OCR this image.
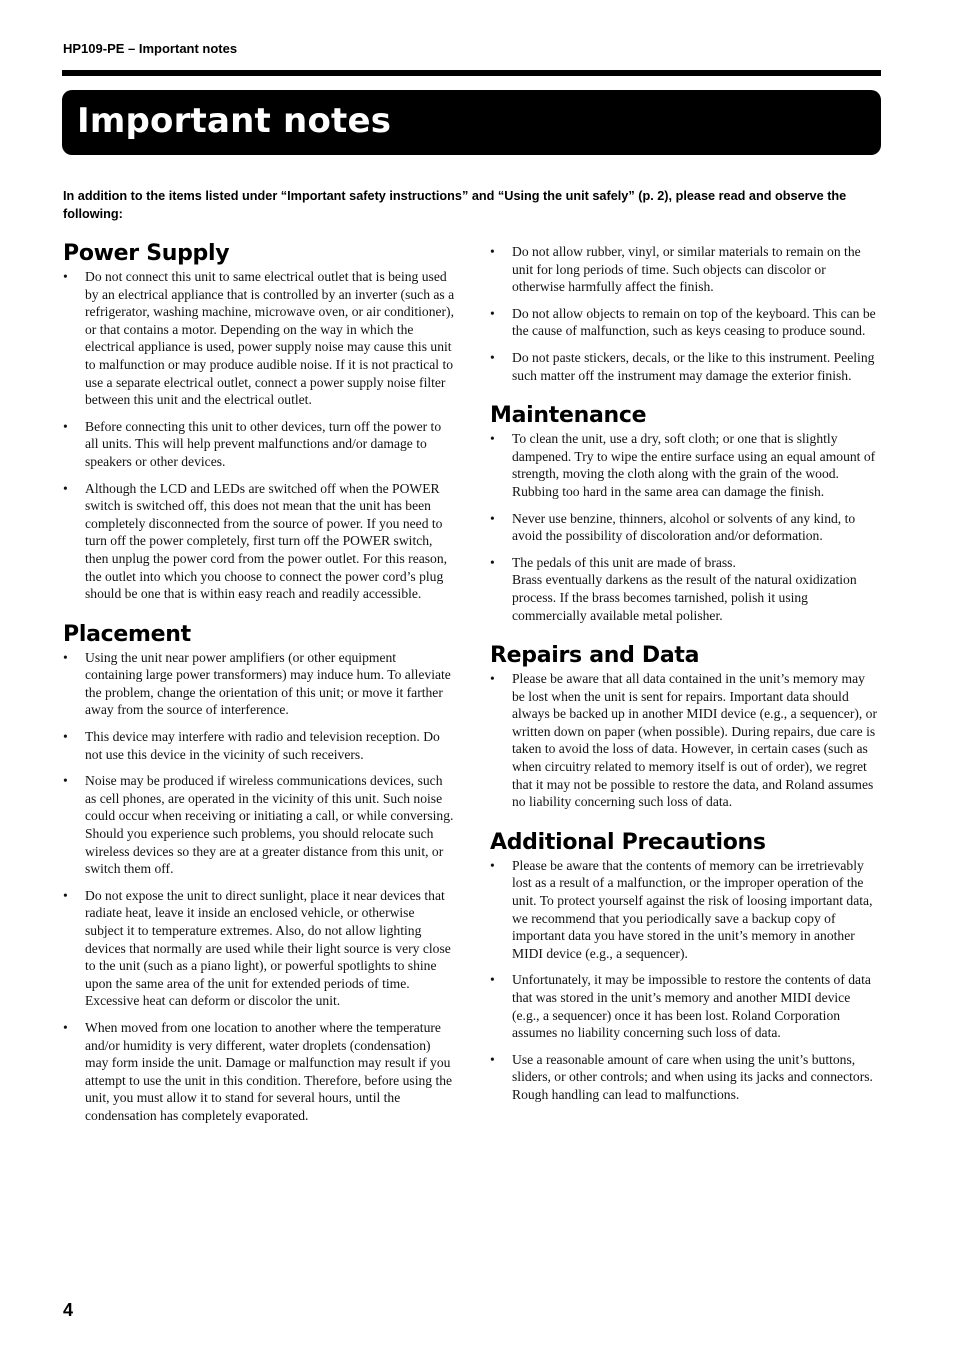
HP109-PE – Important notes
Important notes
In addition to the items listed under “Important safety instructions” and “Using the unit safely” (p. 2), please read and observe the following:
Power Supply
• Do not connect this unit to same electrical outlet that is being used by an electrical appliance that is controlled by an inverter (such as a refrigerator, washing machine, microwave oven, or air conditioner), or that contains a motor. Depending on the way in which the electrical appliance is used, power supply noise may cause this unit to malfunction or may produce audible noise. If it is not practical to use a separate electrical outlet, connect a power supply noise filter between this unit and the electrical outlet.

• Before connecting this unit to other devices, turn off the power to all units. This will help prevent malfunctions and/or damage to speakers or other devices.

• Although the LCD and LEDs are switched off when the POWER switch is switched off, this does not mean that the unit has been completely disconnected from the source of power. If you need to turn off the power completely, first turn off the POWER switch, then unplug the power cord from the power outlet. For this reason, the outlet into which you choose to connect the power cord’s plug should be one that is within easy reach and readily accessible.

Placement
• Using the unit near power amplifiers (or other equipment containing large power transformers) may induce hum. To alleviate the problem, change the orientation of this unit; or move it farther away from the source of interference.

• This device may interfere with radio and television reception. Do not use this device in the vicinity of such receivers.

• Noise may be produced if wireless communications devices, such as cell phones, are operated in the vicinity of this unit. Such noise could occur when receiving or initiating a call, or while conversing. Should you experience such problems, you should relocate such wireless devices so they are at a greater distance from this unit, or switch them off.

• Do not expose the unit to direct sunlight, place it near devices that radiate heat, leave it inside an enclosed vehicle, or otherwise subject it to temperature extremes. Also, do not allow lighting devices that normally are used while their light source is very close to the unit (such as a piano light), or powerful spotlights to shine upon the same area of the unit for extended periods of time. Excessive heat can deform or discolor the unit.

• When moved from one location to another where the temperature and/or humidity is very different, water droplets (condensation) may form inside the unit. Damage or malfunction may result if you attempt to use the unit in this condition. Therefore, before using the unit, you must allow it to stand for several hours, until the condensation has completely evaporated.

• Do not allow rubber, vinyl, or similar materials to remain on the unit for long periods of time. Such objects can discolor or otherwise harmfully affect the finish.

• Do not allow objects to remain on top of the keyboard. This can be the cause of malfunction, such as keys ceasing to produce sound.

• Do not paste stickers, decals, or the like to this instrument. Peeling such matter off the instrument may damage the exterior finish.

Maintenance
• To clean the unit, use a dry, soft cloth; or one that is slightly dampened. Try to wipe the entire surface using an equal amount of strength, moving the cloth along with the grain of the wood. Rubbing too hard in the same area can damage the finish.

• Never use benzine, thinners, alcohol or solvents of any kind, to avoid the possibility of discoloration and/or deformation.

• The pedals of this unit are made of brass.

Brass eventually darkens as the result of the natural oxidization process. If the brass becomes tarnished, polish it using commercially available metal polisher.

Repairs and Data
• Please be aware that all data contained in the unit’s memory may be lost when the unit is sent for repairs. Important data should always be backed up in another MIDI device (e.g., a sequencer), or written down on paper (when possible). During repairs, due care is taken to avoid the loss of data. However, in certain cases (such as when circuitry related to memory itself is out of order), we regret that it may not be possible to restore the data, and Roland assumes no liability concerning such loss of data.

Additional Precautions
• Please be aware that the contents of memory can be irretrievably lost as a result of a malfunction, or the improper operation of the unit. To protect yourself against the risk of loosing important data, we recommend that you periodically save a backup copy of important data you have stored in the unit’s memory in another MIDI device (e.g., a sequencer).

• Unfortunately, it may be impossible to restore the contents of data that was stored in the unit’s memory and another MIDI device (e.g., a sequencer) once it has been lost. Roland Corporation assumes no liability concerning such loss of data.

• Use a reasonable amount of care when using the unit’s buttons, sliders, or other controls; and when using its jacks and connectors. Rough handling can lead to malfunctions.

4
